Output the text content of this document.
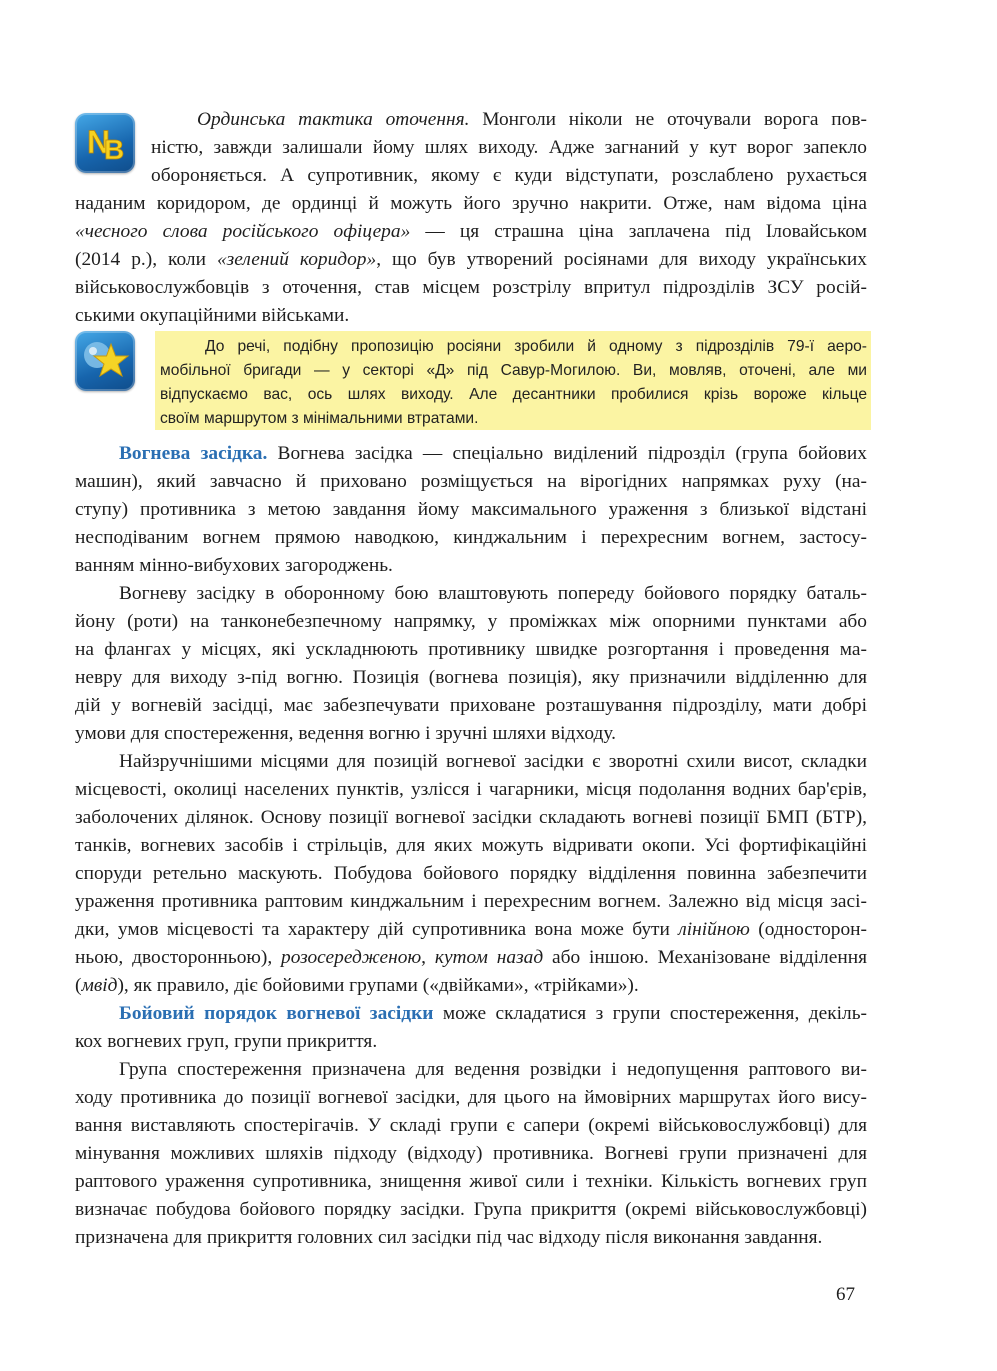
N
B

Ординська тактика оточення. Монголи ніколи не оточували ворога пов-

ністю, завжди залишали йому шлях виходу. Адже загнаний у кут ворог запекло

обороняється. А супротивник, якому є куди відступати, розслаблено рухається

наданим коридором, де ординці й можуть його зручно накрити. Отже, нам відома ціна

«чесного слова російського офіцера» — ця страшна ціна заплачена під Іловайськом

(2014 р.), коли «зелений коридор», що був утворений росіянами для виходу українських

військовослужбовців з оточення, став місцем розстрілу впритул підрозділів ЗСУ росій-

ськими окупаційними військами.

До речі, подібну пропозицію росіяни зробили й одному з підрозділів 79-ї аеро-

мобільної бригади — у секторі «Д» під Савур-Могилою. Ви, мовляв, оточені, але ми

відпускаємо вас, ось шлях виходу. Але десантники пробилися крізь вороже кільце

своїм маршрутом з мінімальними втратами.

Вогнева засідка. Вогнева засідка — спеціально виділений підрозділ (група бойових

машин), який завчасно й приховано розміщується на вірогідних напрямках руху (на-

ступу) противника з метою завдання йому максимального ураження з близької відстані

несподіваним вогнем прямою наводкою, кинджальним і перехресним вогнем, застосу-

ванням мінно-вибухових загороджень.

Вогневу засідку в оборонному бою влаштовують попереду бойового порядку баталь-

йону (роти) на танконебезпечному напрямку, у проміжках між опорними пунктами або

на флангах у місцях, які ускладнюють противнику швидке розгортання і проведення ма-

невру для виходу з-під вогню. Позиція (вогнева позиція), яку призначили відділенню для

дій у вогневій засідці, має забезпечувати приховане розташування підрозділу, мати добрі

умови для спостереження, ведення вогню і зручні шляхи відходу.

Найзручнішими місцями для позицій вогневої засідки є зворотні схили висот, складки

місцевості, околиці населених пунктів, узлісся і чагарники, місця подолання водних бар'єрів,

заболочених ділянок. Основу позиції вогневої засідки складають вогневі позиції БМП (БТР),

танків, вогневих засобів і стрільців, для яких можуть відривати окопи. Усі фортифікаційні

споруди ретельно маскують. Побудова бойового порядку відділення повинна забезпечити

ураження противника раптовим кинджальним і перехресним вогнем. Залежно від місця засі-

дки, умов місцевості та характеру дій супротивника вона може бути лінійною (односторон-

ньою, двосторонньою), розосередженою, кутом назад або іншою. Механізоване відділення

(мвід), як правило, діє бойовими групами («двійками», «трійками»).

Бойовий порядок вогневої засідки може складатися з групи спостереження, декіль-

кох вогневих груп, групи прикриття.

Група спостереження призначена для ведення розвідки і недопущення раптового ви-

ходу противника до позиції вогневої засідки, для цього на ймовірних маршрутах його вису-

вання виставляють спостерігачів. У складі групи є сапери (окремі військовослужбовці) для

мінування можливих шляхів підходу (відходу) противника. Вогневі групи призначені для

раптового ураження супротивника, знищення живої сили і техніки. Кількість вогневих груп

визначає побудова бойового порядку засідки. Група прикриття (окремі військовослужбовці)

призначена для прикриття головних сил засідки під час відходу після виконання завдання.

67
